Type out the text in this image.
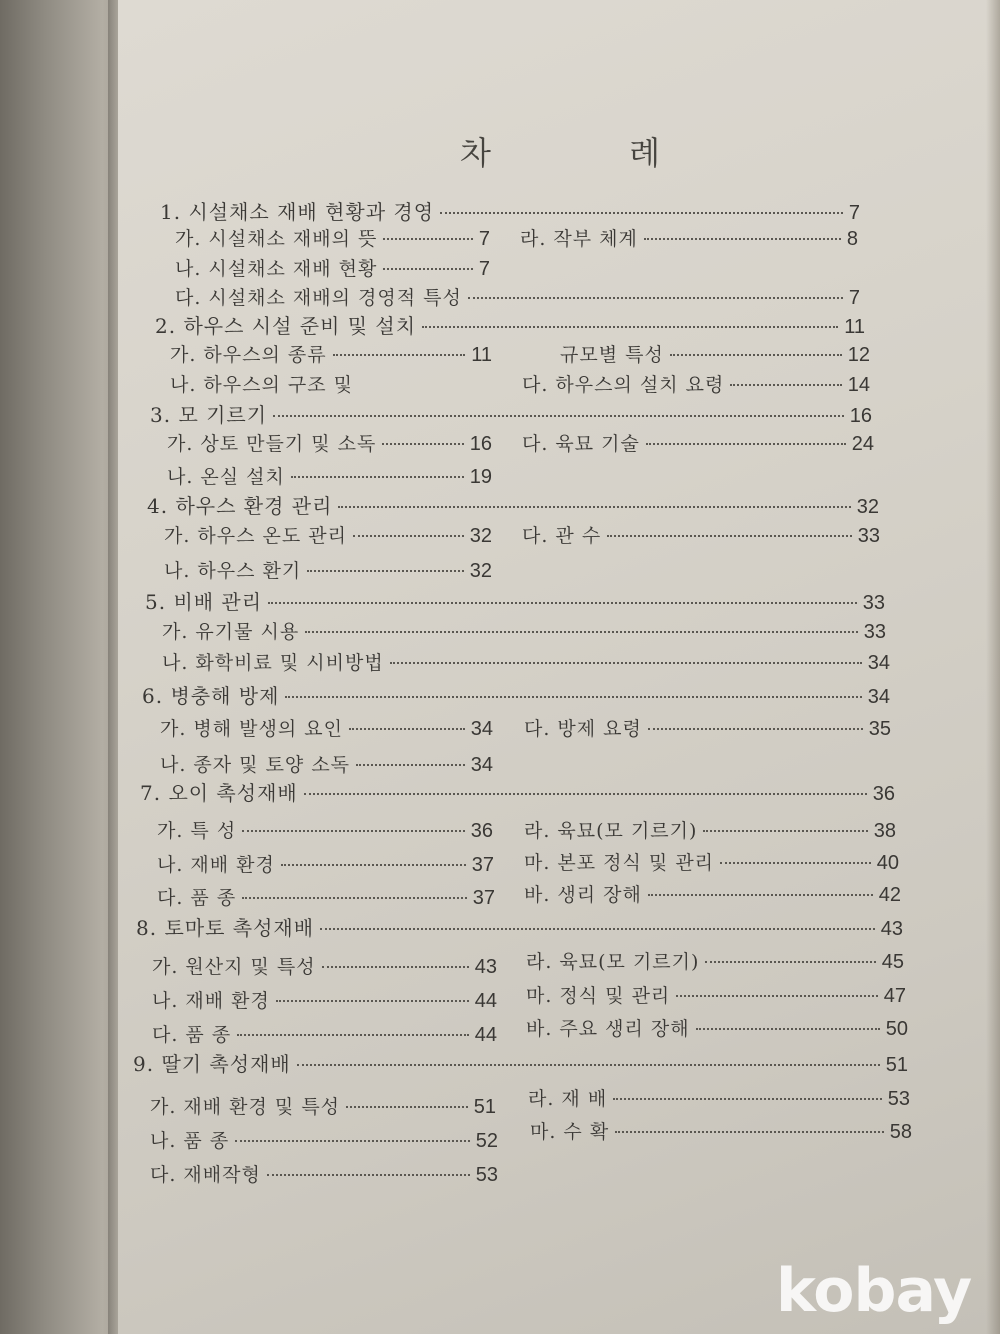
차 례
1. 시설채소 재배 현황과 경영	7
가. 시설채소 재배의 뜻	7 라. 작부 체계	8
나. 시설채소 재배 현황	7
다. 시설채소 재배의 경영적 특성	7
2. 하우스 시설 준비 및 설치	11
가. 하우스의 종류	11	규모별 특성	12
나. 하우스의 구조 및	다. 하우스의 설치 요령	14
3. 모 기르기	16
가. 상토 만들기 및 소독	16 다. 육묘 기술	24
나. 온실 설치	19
4. 하우스 환경 관리	32
가. 하우스 온도 관리	32 다. 관 수	33
나. 하우스 환기	32
5. 비배 관리	33
가. 유기물 시용	33
나. 화학비료 및 시비방법	34
6. 병충해 방제	34
가. 병해 발생의 요인	34 다. 방제 요령	35
나. 종자 및 토양 소독	34
7. 오이 촉성재배	36
가. 특 성	36 라. 육묘(모 기르기)	38
나. 재배 환경	37 마. 본포 정식 및 관리	40
다. 품 종	37 바. 생리 장해	42
8. 토마토 촉성재배	43
가. 원산지 및 특성	43 라. 육묘(모 기르기)	45
나. 재배 환경	44 마. 정식 및 관리	47
다. 품 종	44 바. 주요 생리 장해	50
9. 딸기 촉성재배	51
가. 재배 환경 및 특성	51 라. 재 배	53
나. 품 종	52 마. 수 확	58
다. 재배작형	53
kobay
